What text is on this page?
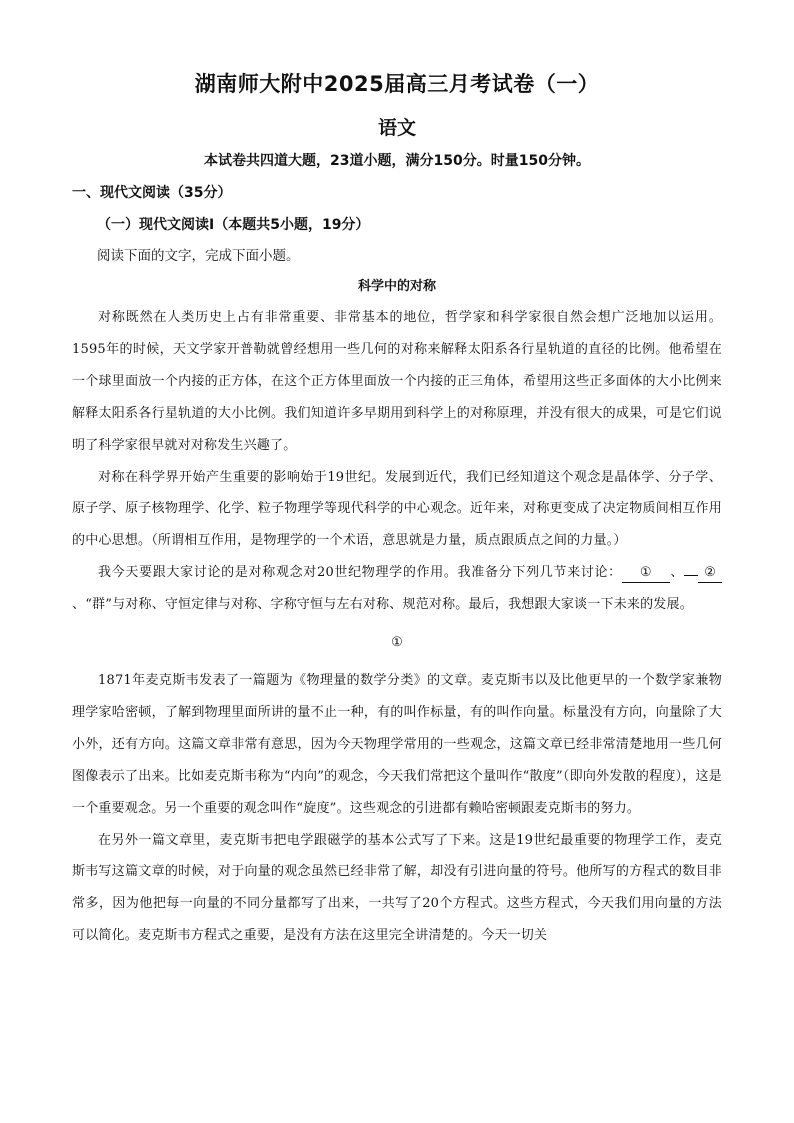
湖南师大附中2025届高三月考试卷（一）
语文
本试卷共四道大题，23道小题，满分150分。时量150分钟。
一、现代文阅读（35分）
（一）现代文阅读Ⅰ（本题共5小题，19分）
阅读下面的文字，完成下面小题。
科学中的对称

对称既然在人类历史上占有非常重要、非常基本的地位，哲学家和科学家很自然会想广泛地加以运用。1595年的时候，天文学家开普勒就曾经想用一些几何的对称来解释太阳系各行星轨道的直径的比例。他希望在一个球里面放一个内接的正方体，在这个正方体里面放一个内接的正三角体，希望用这些正多面体的大小比例来解释太阳系各行星轨道的大小比例。我们知道许多早期用到科学上的对称原理，并没有很大的成果，可是它们说明了科学家很早就对对称发生兴趣了。

对称在科学界开始产生重要的影响始于19世纪。发展到近代，我们已经知道这个观念是晶体学、分子学、原子学、原子核物理学、化学、粒子物理学等现代科学的中心观念。近年来，对称更变成了决定物质间相互作用的中心思想。（所谓相互作用，是物理学的一个术语，意思就是力量，质点跟质点之间的力量。）

我今天要跟大家讨论的是对称观念对20世纪物理学的作用。我准备分下列几节来讨论： ① 、 ②、“群”与对称、守恒定律与对称、字称守恒与左右对称、规范对称。最后，我想跟大家谈一下未来的发展。

①

1871年麦克斯韦发表了一篇题为《物理量的数学分类》的文章。麦克斯韦以及比他更早的一个数学家兼物理学家哈密顿，了解到物理里面所讲的量不止一种，有的叫作标量，有的叫作向量。标量没有方向，向量除了大小外，还有方向。这篇文章非常有意思，因为今天物理学常用的一些观念，这篇文章已经非常清楚地用一些几何图像表示了出来。比如麦克斯韦称为“内向”的观念，今天我们常把这个量叫作“散度”（即向外发散的程度），这是一个重要观念。另一个重要的观念叫作“旋度”。这些观念的引进都有赖哈密顿跟麦克斯韦的努力。

在另外一篇文章里，麦克斯韦把电学跟磁学的基本公式写了下来。这是19世纪最重要的物理学工作，麦克斯韦写这篇文章的时候，对于向量的观念虽然已经非常了解，却没有引进向量的符号。他所写的方程式的数目非常多，因为他把每一向量的不同分量都写了出来，一共写了20个方程式。这些方程式，今天我们用向量的方法可以简化。麦克斯韦方程式之重要，是没有方法在这里完全讲清楚的。今天一切关
